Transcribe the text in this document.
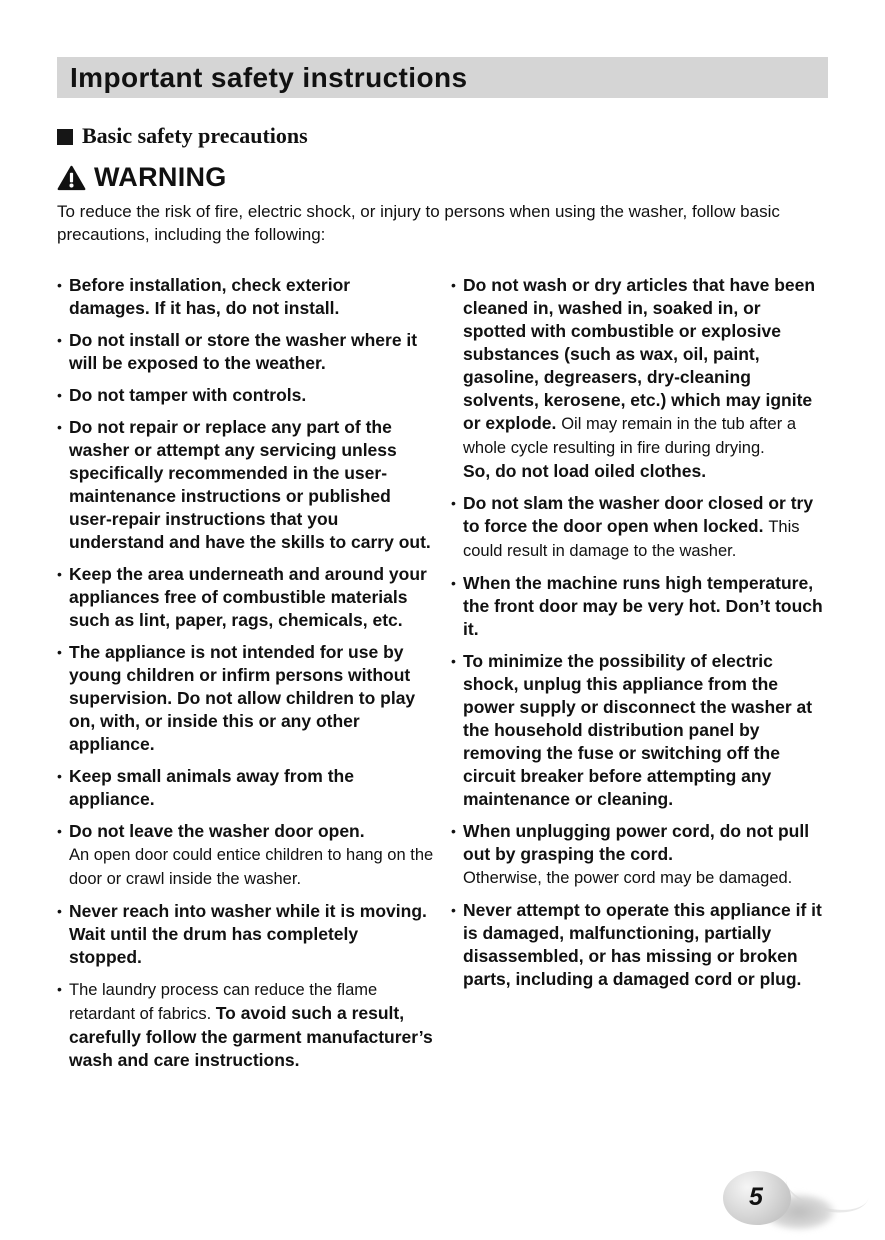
Important safety instructions
Basic safety precautions
WARNING
To reduce the risk of fire, electric shock, or injury to persons when using the washer, follow basic precautions, including the following:
• Before installation, check exterior damages. If it has, do not install.
• Do not install or store the washer where it will be exposed to the weather.
• Do not tamper with controls.
• Do not repair or replace any part of the washer or attempt any servicing unless specifically recommended in the user-maintenance instructions or published user-repair instructions that you understand and have the skills to carry out.
• Keep the area underneath and around your appliances free of combustible materials such as lint, paper, rags, chemicals, etc.
• The appliance is not intended for use by young children or infirm persons without supervision. Do not allow children to play on, with, or inside this or any other appliance.
• Keep small animals away from the appliance.
• Do not leave the washer door open.
An open door could entice children to hang on the door or crawl inside the washer.
• Never reach into washer while it is moving. Wait until the drum has completely stopped.
• The laundry process can reduce the flame retardant of fabrics. To avoid such a result, carefully follow the garment manufacturer’s wash and care instructions.
• Do not wash or dry articles that have been cleaned in, washed in, soaked in, or spotted with combustible or explosive substances (such as wax, oil, paint, gasoline, degreasers, dry-cleaning solvents, kerosene, etc.) which may ignite or explode. Oil may remain in the tub after a whole cycle resulting in fire during drying.
So, do not load oiled clothes.
• Do not slam the washer door closed or try to force the door open when locked. This could result in damage to the washer.
• When the machine runs high temperature, the front door may be very hot. Don’t touch it.
• To minimize the possibility of electric shock, unplug this appliance from the power supply or disconnect the washer at the household distribution panel by removing the fuse or switching off the circuit breaker before attempting any maintenance or cleaning.
• When unplugging power cord, do not pull out by grasping the cord.
Otherwise, the power cord may be damaged.
• Never attempt to operate this appliance if it is damaged, malfunctioning, partially disassembled, or has missing or broken parts, including a damaged cord or plug.
5
